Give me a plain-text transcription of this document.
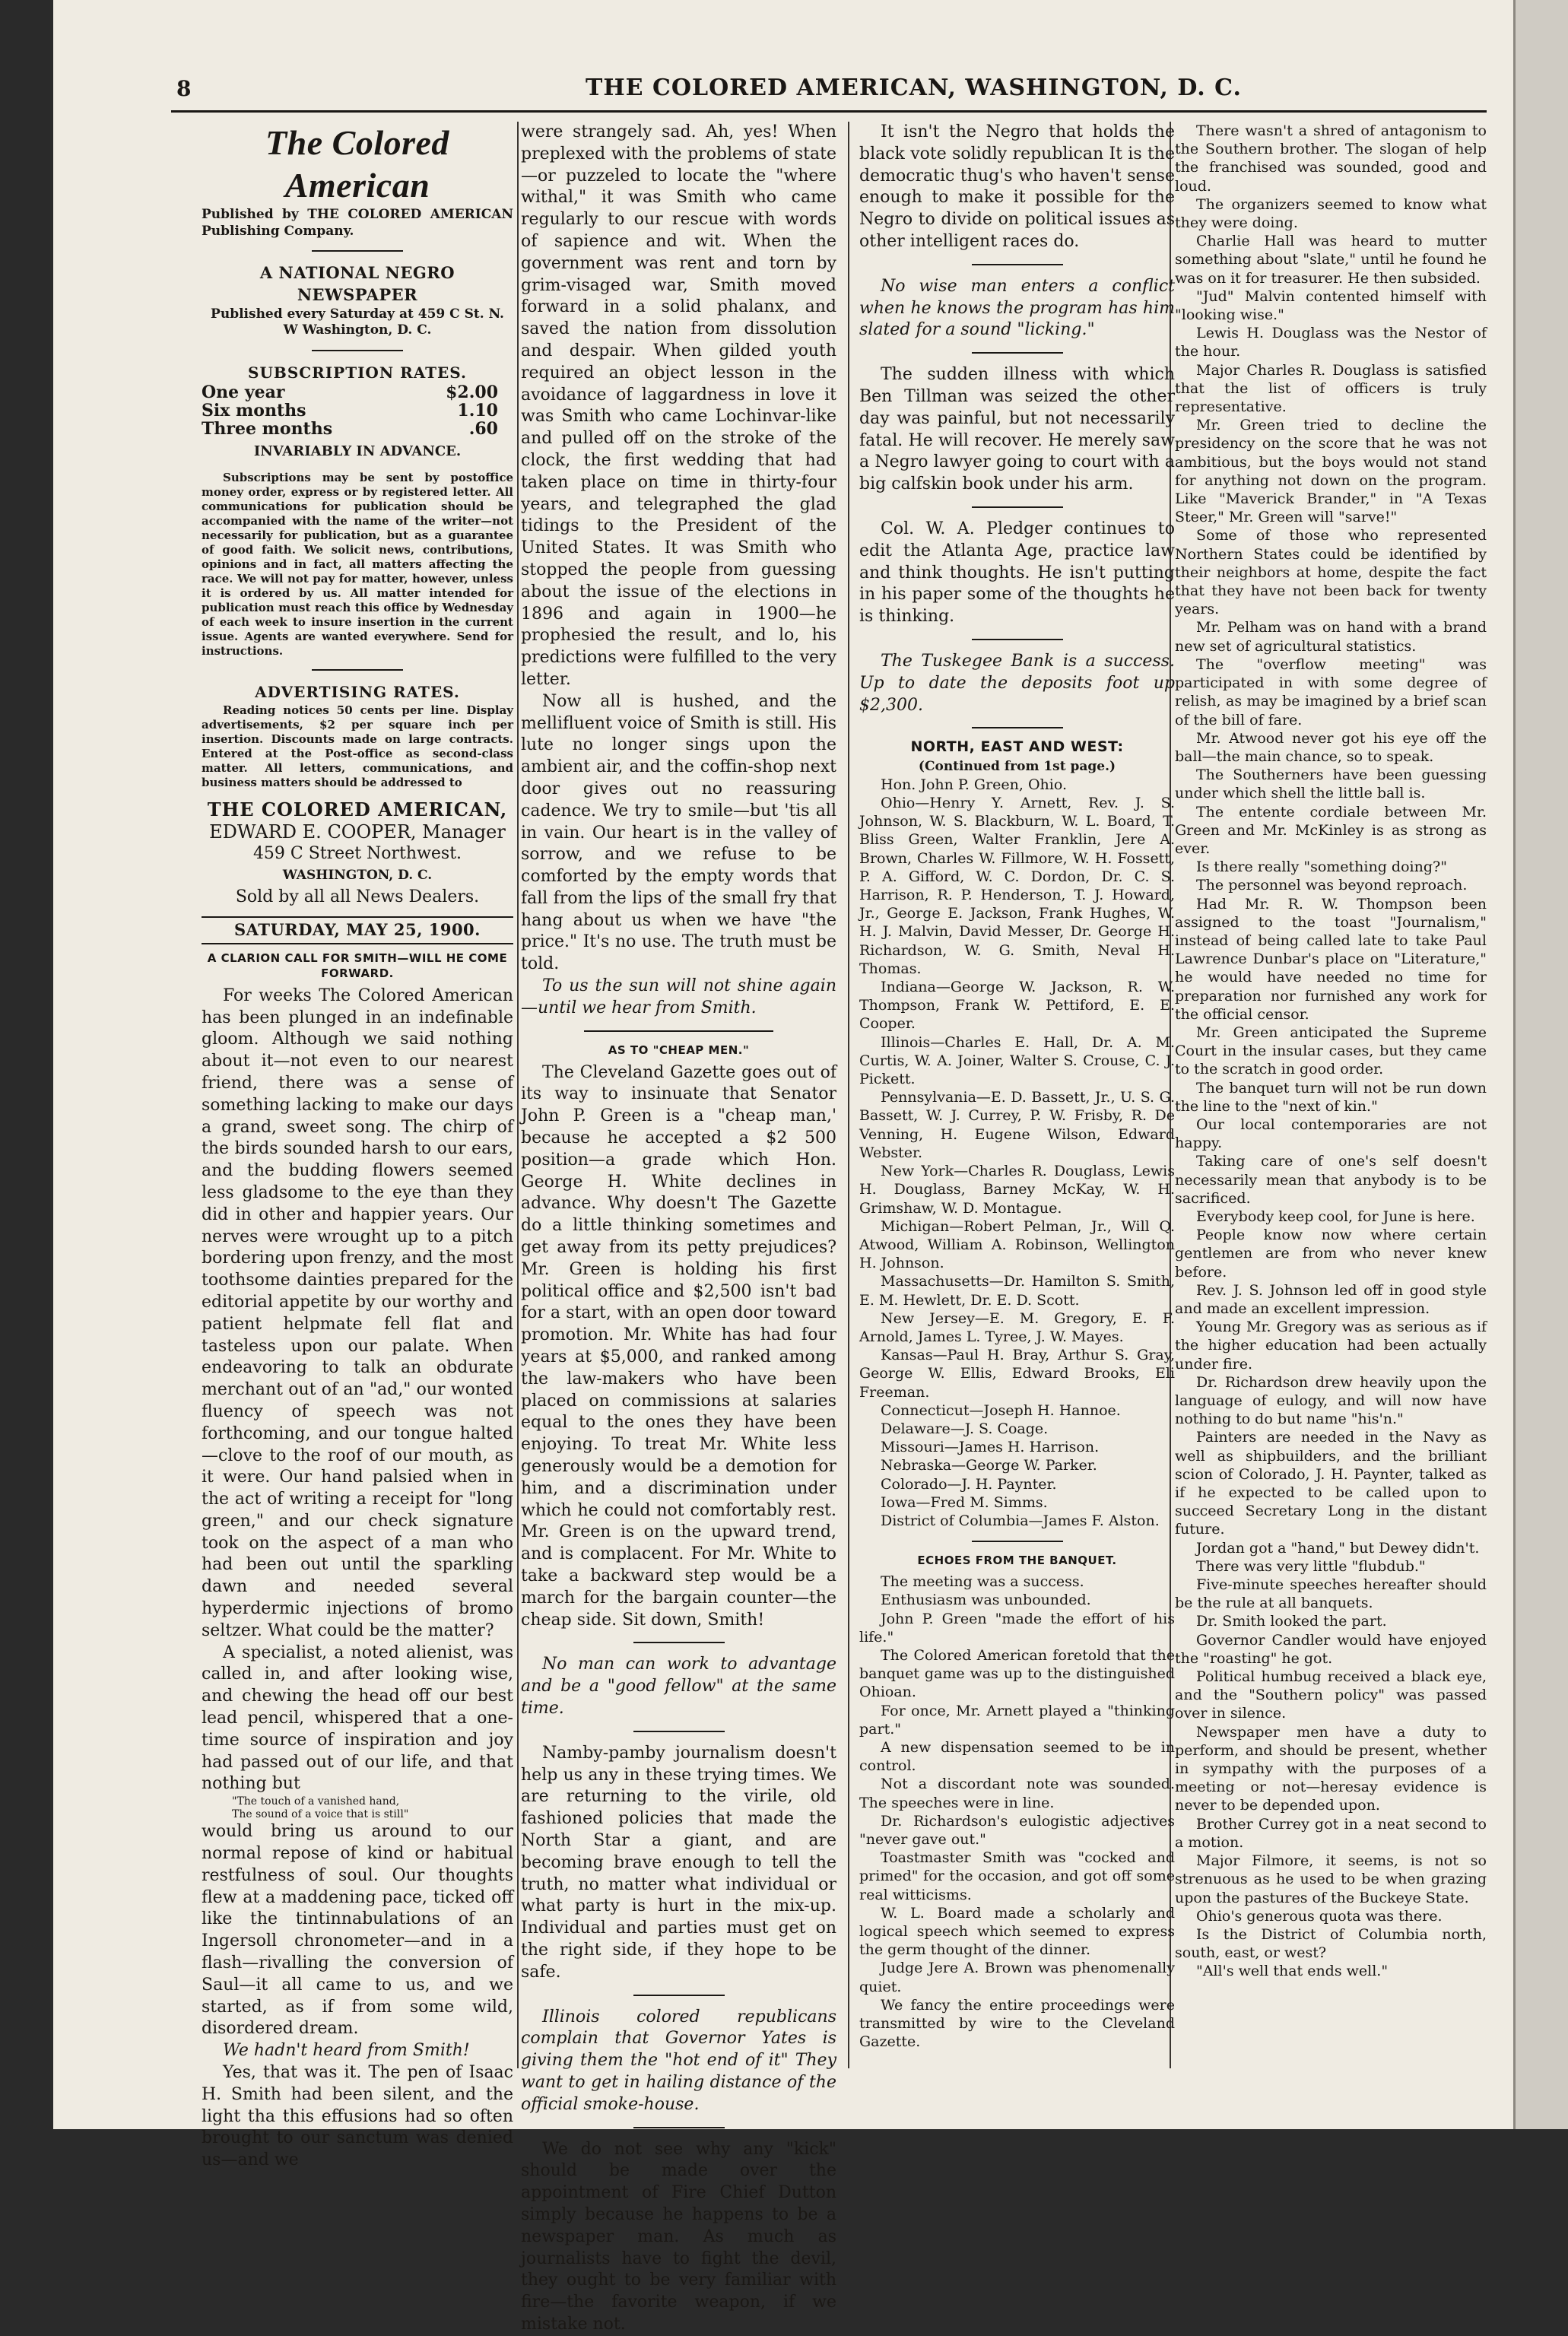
8	THE COLORED AMERICAN, WASHINGTON, D. C.
The Colored American

Published by THE COLORED AMERICAN Publishing Company.

A NATIONAL NEGRO NEWSPAPER

Published every Saturday at 459 C St. N. W Washington, D. C.

SUBSCRIPTION RATES.
One year	$2.00
Six months	1.10
Three months	.60

INVARIABLY IN ADVANCE.

Subscriptions may be sent by postoffice money order, express or by registered letter. All communications for publication should be accompanied with the name of the writer—not necessarily for publication, but as a guarantee of good faith. We solicit news, contributions, opinions and in fact, all matters affecting the race. We will not pay for matter, however, unless it is ordered by us. All matter intended for publication must reach this office by Wednesday of each week to insure insertion in the current issue. Agents are wanted everywhere. Send for instructions.

ADVERTISING RATES.

Reading notices 50 cents per line. Display advertisements, $2 per square inch per insertion. Discounts made on large contracts. Entered at the Post-office as second-class matter. All letters, communications, and business matters should be addressed to

THE COLORED AMERICAN,

EDWARD E. COOPER, Manager

459 C Street Northwest.

WASHINGTON, D. C.

Sold by all all News Dealers.

SATURDAY, MAY 25, 1900.

A CLARION CALL FOR SMITH—WILL HE COME FORWARD.

For weeks The Colored American has been plunged in an indefinable gloom. Although we said nothing about it—not even to our nearest friend, there was a sense of something lacking to make our days a grand, sweet song. The chirp of the birds sounded harsh to our ears, and the budding flowers seemed less gladsome to the eye than they did in other and happier years. Our nerves were wrought up to a pitch bordering upon frenzy, and the most toothsome dainties prepared for the editorial appetite by our worthy and patient helpmate fell flat and tasteless upon our palate. When endeavoring to talk an obdurate merchant out of an "ad," our wonted fluency of speech was not forthcoming, and our tongue halted—clove to the roof of our mouth, as it were. Our hand palsied when in the act of writing a receipt for "long green," and our check signature took on the aspect of a man who had been out until the sparkling dawn and needed several hyperdermic injections of bromo seltzer. What could be the matter?

A specialist, a noted alienist, was called in, and after looking wise, and chewing the head off our best lead pencil, whispered that a one-time source of inspiration and joy had passed out of our life, and that nothing but

"The touch of a vanished hand,

The sound of a voice that is still"

would bring us around to our normal repose of kind or habitual restfulness of soul. Our thoughts flew at a maddening pace, ticked off like the tintinnabulations of an Ingersoll chronometer—and in a flash—rivalling the conversion of Saul—it all came to us, and we started, as if from some wild, disordered dream.

We hadn't heard from Smith!

Yes, that was it. The pen of Isaac H. Smith had been silent, and the light tha this effusions had so often brought to our sanctum was denied us—and we

were strangely sad. Ah, yes! When preplexed with the problems of state—or puzzeled to locate the "where withal," it was Smith who came regularly to our rescue with words of sapience and wit. When the government was rent and torn by grim-visaged war, Smith moved forward in a solid phalanx, and saved the nation from dissolution and despair. When gilded youth required an object lesson in the avoidance of laggardness in love it was Smith who came Lochinvar-like and pulled off on the stroke of the clock, the first wedding that had taken place on time in thirty-four years, and telegraphed the glad tidings to the President of the United States. It was Smith who stopped the people from guessing about the issue of the elections in 1896 and again in 1900—he prophesied the result, and lo, his predictions were fulfilled to the very letter.

Now all is hushed, and the mellifluent voice of Smith is still. His lute no longer sings upon the ambient air, and the coffin-shop next door gives out no reassuring cadence. We try to smile—but 'tis all in vain. Our heart is in the valley of sorrow, and we refuse to be comforted by the empty words that fall from the lips of the small fry that hang about us when we have "the price." It's no use. The truth must be told.

To us the sun will not shine again—until we hear from Smith.

AS TO "CHEAP MEN."

The Cleveland Gazette goes out of its way to insinuate that Senator John P. Green is a "cheap man,' because he accepted a $2 500 position—a grade which Hon. George H. White declines in advance. Why doesn't The Gazette do a little thinking sometimes and get away from its petty prejudices? Mr. Green is holding his first political office and $2,500 isn't bad for a start, with an open door toward promotion. Mr. White has had four years at $5,000, and ranked among the law-makers who have been placed on commissions at salaries equal to the ones they have been enjoying. To treat Mr. White less generously would be a demotion for him, and a discrimination under which he could not comfortably rest. Mr. Green is on the upward trend, and is complacent. For Mr. White to take a backward step would be a march for the bargain counter—the cheap side. Sit down, Smith!

No man can work to advantage and be a "good fellow" at the same time.

Namby-pamby journalism doesn't help us any in these trying times. We are returning to the virile, old fashioned policies that made the North Star a giant, and are becoming brave enough to tell the truth, no matter what individual or what party is hurt in the mix-up. Individual and parties must get on the right side, if they hope to be safe.

Illinois colored republicans complain that Governor Yates is giving them the "hot end of it" They want to get in hailing distance of the official smoke-house.

We do not see why any "kick" should be made over the appointment of Fire Chief Dutton simply because he happens to be a newspaper man. As much as journalists have to fight the devil, they ought to be very familiar with fire—the favorite weapon, if we mistake not.

It isn't the Negro that holds the black vote solidly republican It is the democratic thug's who haven't sense enough to make it possible for the Negro to divide on political issues as other intelligent races do.

No wise man enters a conflict when he knows the program has him slated for a sound "licking."

The sudden illness with which Ben Tillman was seized the other day was painful, but not necessarily fatal. He will recover. He merely saw a Negro lawyer going to court with a big calfskin book under his arm.

Col. W. A. Pledger continues to edit the Atlanta Age, practice law and think thoughts. He isn't putting in his paper some of the thoughts he is thinking.

The Tuskegee Bank is a success. Up to date the deposits foot up $2,300.

NORTH, EAST AND WEST:

(Continued from 1st page.)

Hon. John P. Green, Ohio.

Ohio—Henry Y. Arnett, Rev. J. S. Johnson, W. S. Blackburn, W. L. Board, T. Bliss Green, Walter Franklin, Jere A. Brown, Charles W. Fillmore, W. H. Fossett, P. A. Gifford, W. C. Dordon, Dr. C. S. Harrison, R. P. Henderson, T. J. Howard, Jr., George E. Jackson, Frank Hughes, W. H. J. Malvin, David Messer, Dr. George H. Richardson, W. G. Smith, Neval H. Thomas.

Indiana—George W. Jackson, R. W. Thompson, Frank W. Pettiford, E. E. Cooper.

Illinois—Charles E. Hall, Dr. A. M. Curtis, W. A. Joiner, Walter S. Crouse, C. J. Pickett.

Pennsylvania—E. D. Bassett, Jr., U. S. G. Bassett, W. J. Currey, P. W. Frisby, R. De Venning, H. Eugene Wilson, Edward Webster.

New York—Charles R. Douglass, Lewis H. Douglass, Barney McKay, W. H. Grimshaw, W. D. Montague.

Michigan—Robert Pelman, Jr., Will Q. Atwood, William A. Robinson, Wellington H. Johnson.

Massachusetts—Dr. Hamilton S. Smith, E. M. Hewlett, Dr. E. D. Scott.

New Jersey—E. M. Gregory, E. F. Arnold, James L. Tyree, J. W. Mayes.

Kansas—Paul H. Bray, Arthur S. Gray, George W. Ellis, Edward Brooks, Eli Freeman.

Connecticut—Joseph H. Hannoe.

Delaware—J. S. Coage.

Missouri—James H. Harrison.

Nebraska—George W. Parker.

Colorado—J. H. Paynter.

Iowa—Fred M. Simms.

District of Columbia—James F. Alston.

ECHOES FROM THE BANQUET.

The meeting was a success.

Enthusiasm was unbounded.

John P. Green "made the effort of his life."

The Colored American foretold that the banquet game was up to the distinguished Ohioan.

For once, Mr. Arnett played a "thinking part."

A new dispensation seemed to be in control.

Not a discordant note was sounded. The speeches were in line.

Dr. Richardson's eulogistic adjectives "never gave out."

Toastmaster Smith was "cocked and primed" for the occasion, and got off some real witticisms.

W. L. Board made a scholarly and logical speech which seemed to express the germ thought of the dinner.

Judge Jere A. Brown was phenomenally quiet.

We fancy the entire proceedings were transmitted by wire to the Cleveland Gazette.

There wasn't a shred of antagonism to the Southern brother. The slogan of help the franchised was sounded, good and loud.

The organizers seemed to know what they were doing.

Charlie Hall was heard to mutter something about "slate," until he found he was on it for treasurer. He then subsided.

"Jud" Malvin contented himself with "looking wise."

Lewis H. Douglass was the Nestor of the hour.

Major Charles R. Douglass is satisfied that the list of officers is truly representative.

Mr. Green tried to decline the presidency on the score that he was not ambitious, but the boys would not stand for anything not down on the program. Like "Maverick Brander," in "A Texas Steer," Mr. Green will "sarve!"

Some of those who represented Northern States could be identified by their neighbors at home, despite the fact that they have not been back for twenty years.

Mr. Pelham was on hand with a brand new set of agricultural statistics.

The "overflow meeting" was participated in with some degree of relish, as may be imagined by a brief scan of the bill of fare.

Mr. Atwood never got his eye off the ball—the main chance, so to speak.

The Southerners have been guessing under which shell the little ball is.

The entente cordiale between Mr. Green and Mr. McKinley is as strong as ever.

Is there really "something doing?"

The personnel was beyond reproach.

Had Mr. R. W. Thompson been assigned to the toast "Journalism," instead of being called late to take Paul Lawrence Dunbar's place on "Literature," he would have needed no time for preparation nor furnished any work for the official censor.

Mr. Green anticipated the Supreme Court in the insular cases, but they came to the scratch in good order.

The banquet turn will not be run down the line to the "next of kin."

Our local contemporaries are not happy.

Taking care of one's self doesn't necessarily mean that anybody is to be sacrificed.

Everybody keep cool, for June is here.

People know now where certain gentlemen are from who never knew before.

Rev. J. S. Johnson led off in good style and made an excellent impression.

Young Mr. Gregory was as serious as if the higher education had been actually under fire.

Dr. Richardson drew heavily upon the language of eulogy, and will now have nothing to do but name "his'n."

Painters are needed in the Navy as well as shipbuilders, and the brilliant scion of Colorado, J. H. Paynter, talked as if he expected to be called upon to succeed Secretary Long in the distant future.

Jordan got a "hand," but Dewey didn't.

There was very little "flubdub."

Five-minute speeches hereafter should be the rule at all banquets.

Dr. Smith looked the part.

Governor Candler would have enjoyed the "roasting" he got.

Political humbug received a black eye, and the "Southern policy" was passed over in silence.

Newspaper men have a duty to perform, and should be present, whether in sympathy with the purposes of a meeting or not—heresay evidence is never to be depended upon.

Brother Currey got in a neat second to a motion.

Major Filmore, it seems, is not so strenuous as he used to be when grazing upon the pastures of the Buckeye State.

Ohio's generous quota was there.

Is the District of Columbia north, south, east, or west?

"All's well that ends well."
